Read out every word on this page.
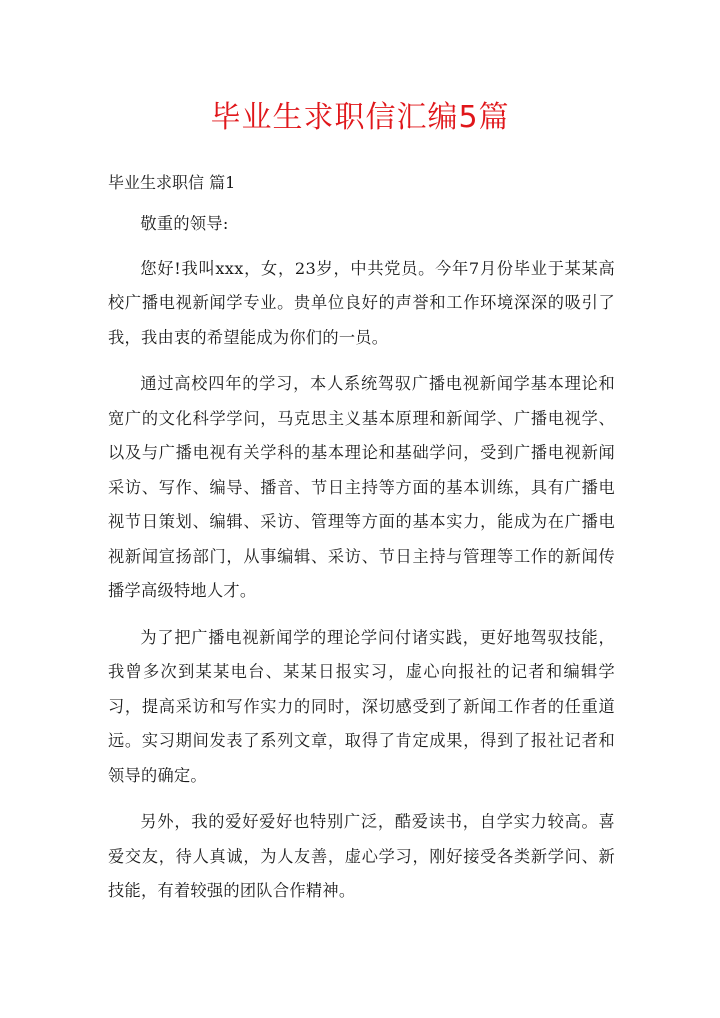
毕业生求职信汇编5篇
毕业生求职信 篇1

敬重的领导:

您好!我叫xxx，女，23岁，中共党员。今年7月份毕业于某某高校广播电视新闻学专业。贵单位良好的声誉和工作环境深深的吸引了我，我由衷的希望能成为你们的一员。

通过高校四年的学习，本人系统驾驭广播电视新闻学基本理论和宽广的文化科学学问，马克思主义基本原理和新闻学、广播电视学、以及与广播电视有关学科的基本理论和基础学问，受到广播电视新闻采访、写作、编导、播音、节日主持等方面的基本训练，具有广播电视节日策划、编辑、采访、管理等方面的基本实力，能成为在广播电视新闻宣扬部门，从事编辑、采访、节日主持与管理等工作的新闻传播学高级特地人才。

为了把广播电视新闻学的理论学问付诸实践，更好地驾驭技能，我曾多次到某某电台、某某日报实习，虚心向报社的记者和编辑学习，提高采访和写作实力的同时，深切感受到了新闻工作者的任重道远。实习期间发表了系列文章，取得了肯定成果，得到了报社记者和领导的确定。

另外，我的爱好爱好也特别广泛，酷爱读书，自学实力较高。喜爱交友，待人真诚，为人友善，虚心学习，刚好接受各类新学问、新技能，有着较强的团队合作精神。
